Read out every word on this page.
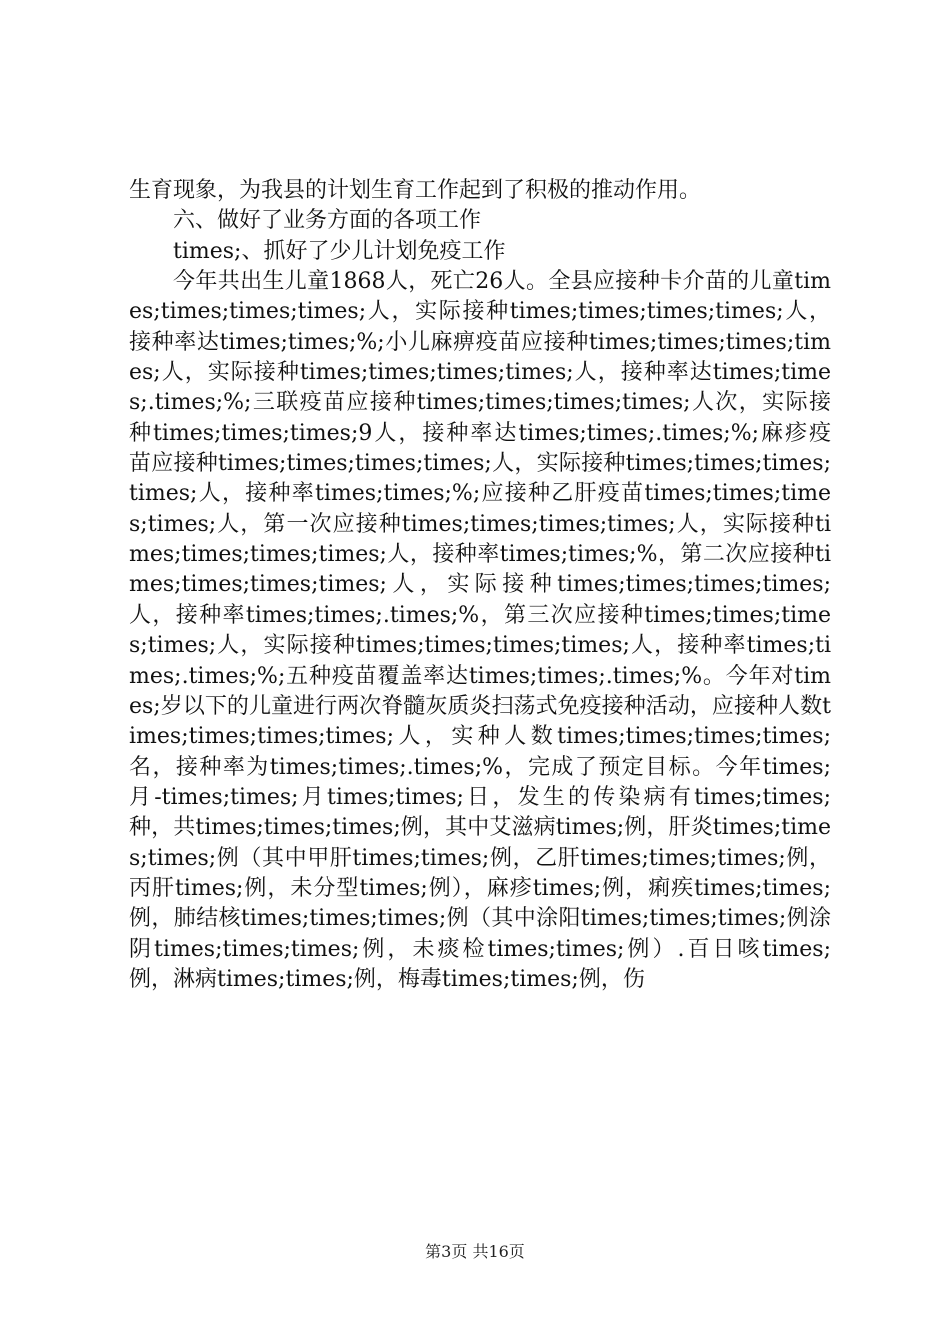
生育现象，为我县的计划生育工作起到了积极的推动作用。

六、做好了业务方面的各项工作

times;、抓好了少儿计划免疫工作

今年共出生儿童1868人，死亡26人。全县应接种卡介苗的儿童times;times;times;times;人，实际接种times;times;times;times;人，接种率达times;times;%;小儿麻痹疫苗应接种times;times;times;times;人，实际接种times;times;times;times;人，接种率达times;times;.times;%;三联疫苗应接种times;times;times;times;人次，实际接种times;times;times;9人，接种率达times;times;.times;%;麻疹疫苗应接种times;times;times;times;人，实际接种times;times;times;times;人，接种率times;times;%;应接种乙肝疫苗times;times;times;times;人，第一次应接种times;times;times;times;人，实际接种times;times;times;times;人，接种率times;times;%，第二次应接种times;times;times;times;人，实际接种times;times;times;times;人，接种率times;times;.times;%，第三次应接种times;times;times;times;人，实际接种times;times;times;times;人，接种率times;times;.times;%;五种疫苗覆盖率达times;times;.times;%。今年对times;岁以下的儿童进行两次脊髓灰质炎扫荡式免疫接种活动，应接种人数times;times;times;times;人，实种人数times;times;times;times;名，接种率为times;times;.times;%，完成了预定目标。今年times;月-times;times;月times;times;日，发生的传染病有times;times;种，共times;times;times;例，其中艾滋病times;例，肝炎times;times;times;例（其中甲肝times;times;例，乙肝times;times;times;例，丙肝times;例，未分型times;例），麻疹times;例，痢疾times;times;例，肺结核times;times;times;例（其中涂阳times;times;times;例涂阴times;times;times;例，未痰检times;times;例）.百日咳times;例，淋病times;times;例，梅毒times;times;例，伤

第3页 共16页
